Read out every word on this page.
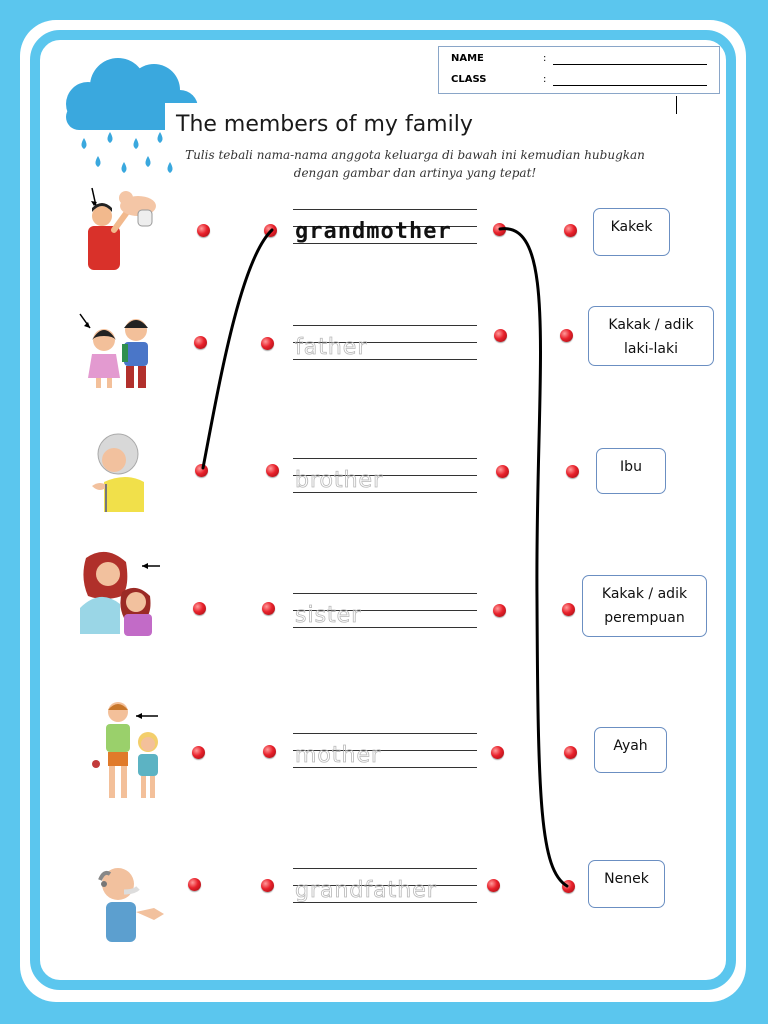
NAME	:
CLASS	:
The members of my family
Tulis tebali nama-nama anggota keluarga di bawah ini kemudian hubugkan
dengan gambar dan artinya yang tepat!
grandmother	Kakek
father
Kakak / adik
laki-laki
brother
Ibu
sister
Kakak / adik
perempuan
mother	Ayah
grandfather	Nenek
